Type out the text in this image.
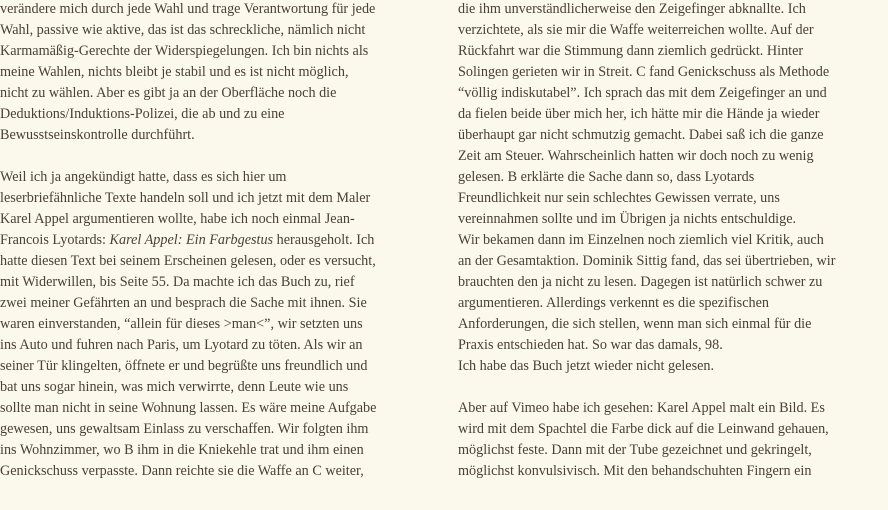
verändere mich durch jede Wahl und trage Verantwortung für jede
Wahl, passive wie aktive, das ist das schreckliche, nämlich nicht
Karmamäßig-Gerechte der Widerspiegelungen. Ich bin nichts als
meine Wahlen, nichts bleibt je stabil und es ist nicht möglich,
nicht zu wählen. Aber es gibt ja an der Oberfläche noch die
Deduktions/Induktions-Polizei, die ab und zu eine
Bewusstseinskontrolle durchführt.
Weil ich ja angekündigt hatte, dass es sich hier um
leserbriefähnliche Texte handeln soll und ich jetzt mit dem Maler
Karel Appel argumentieren wollte, habe ich noch einmal Jean-
Francois Lyotards: Karel Appel: Ein Farbgestus herausgeholt. Ich
hatte diesen Text bei seinem Erscheinen gelesen, oder es versucht,
mit Widerwillen, bis Seite 55. Da machte ich das Buch zu, rief
zwei meiner Gefährten an und besprach die Sache mit ihnen. Sie
waren einverstanden, “allein für dieses >man<”, wir setzten uns
ins Auto und fuhren nach Paris, um Lyotard zu töten. Als wir an
seiner Tür klingelten, öffnete er und begrüßte uns freundlich und
bat uns sogar hinein, was mich verwirrte, denn Leute wie uns
sollte man nicht in seine Wohnung lassen. Es wäre meine Aufgabe
gewesen, uns gewaltsam Einlass zu verschaffen. Wir folgten ihm
ins Wohnzimmer, wo B ihm in die Kniekehle trat und ihm einen
Genickschuss verpasste. Dann reichte sie die Waffe an C weiter,
die ihm unverständlicherweise den Zeigefinger abknallte. Ich
verzichtete, als sie mir die Waffe weiterreichen wollte. Auf der
Rückfahrt war die Stimmung dann ziemlich gedrückt. Hinter
Solingen gerieten wir in Streit. C fand Genickschuss als Methode
“völlig indiskutabel”. Ich sprach das mit dem Zeigefinger an und
da fielen beide über mich her, ich hätte mir die Hände ja wieder
überhaupt gar nicht schmutzig gemacht. Dabei saß ich die ganze
Zeit am Steuer. Wahrscheinlich hatten wir doch noch zu wenig
gelesen. B erklärte die Sache dann so, dass Lyotards
Freundlichkeit nur sein schlechtes Gewissen verrate, uns
vereinnahmen sollte und im Übrigen ja nichts entschuldige.
Wir bekamen dann im Einzelnen noch ziemlich viel Kritik, auch
an der Gesamtaktion. Dominik Sittig fand, das sei übertrieben, wir
brauchten den ja nicht zu lesen. Dagegen ist natürlich schwer zu
argumentieren. Allerdings verkennt es die spezifischen
Anforderungen, die sich stellen, wenn man sich einmal für die
Praxis entschieden hat. So war das damals, 98.
Ich habe das Buch jetzt wieder nicht gelesen.
Aber auf Vimeo habe ich gesehen: Karel Appel malt ein Bild. Es
wird mit dem Spachtel die Farbe dick auf die Leinwand gehauen,
möglichst feste. Dann mit der Tube gezeichnet und gekringelt,
möglichst konvulsivisch. Mit den behandschuhten Fingern ein
